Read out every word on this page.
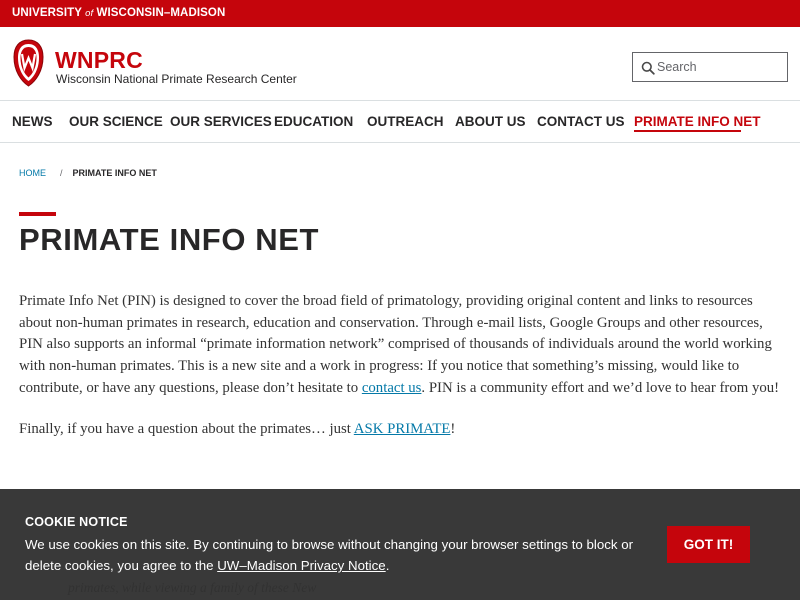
UNIVERSITY of WISCONSIN–MADISON
WNPRC
Wisconsin National Primate Research Center
Search
NEWS OUR SCIENCE OUR SERVICES EDUCATION OUTREACH ABOUT US CONTACT US PRIMATE INFO NET
HOME / PRIMATE INFO NET
PRIMATE INFO NET

Primate Info Net (PIN) is designed to cover the broad field of primatology, providing original content and links to resources about non-human primates in research, education and conservation. Through e-mail lists, Google Groups and other resources, PIN also supports an informal “primate information network” comprised of thousands of individuals around the world working with non-human primates. This is a new site and a work in progress: If you notice that something’s missing, would like to contribute, or have any questions, please don’t hesitate to contact us. PIN is a community effort and we’d love to hear from you!

Finally, if you have a question about the primates… just ASK PRIMATE!

COOKIE NOTICE

We use cookies on this site. By continuing to browse without changing your browser settings to block or delete cookies, you agree to the UW–Madison Privacy Notice.

GOT IT!
